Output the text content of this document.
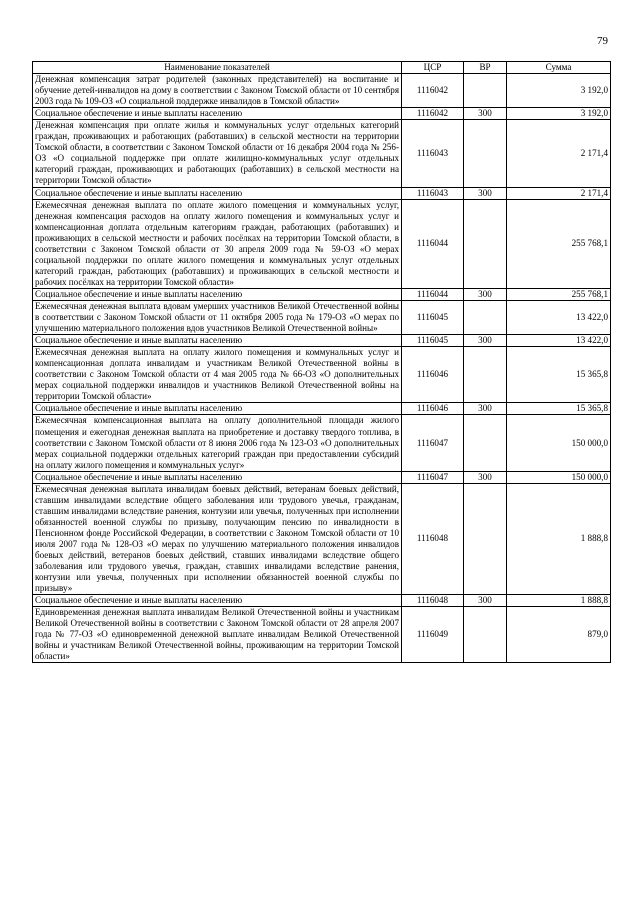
79
Наименование показателей	ЦСР	ВР	Сумма
Денежная компенсация затрат родителей (законных представителей) на воспитание и обучение детей-инвалидов на дому в соответствии с Законом Томской области от 10 сентября 2003 года № 109-ОЗ «О социальной поддержке инвалидов в Томской области»	1116042		3 192,0
Социальное обеспечение и иные выплаты населению	1116042	300	3 192,0
Денежная компенсация при оплате жилья и коммунальных услуг отдельных категорий граждан, проживающих и работающих (работавших) в сельской местности на территории Томской области, в соответствии с Законом Томской области от 16 декабря 2004 года № 256-ОЗ «О социальной поддержке при оплате жилищно-коммунальных услуг отдельных категорий граждан, проживающих и работающих (работавших) в сельской местности на территории Томской области»	1116043		2 171,4
Социальное обеспечение и иные выплаты населению	1116043	300	2 171,4
Ежемесячная денежная выплата по оплате жилого помещения и коммунальных услуг, денежная компенсация расходов на оплату жилого помещения и коммунальных услуг и компенсационная доплата отдельным категориям граждан, работающих (работавших) и проживающих в сельской местности и рабочих посёлках на территории Томской области, в соответствии с Законом Томской области от 30 апреля 2009 года № 59-ОЗ «О мерах социальной поддержки по оплате жилого помещения и коммунальных услуг отдельных категорий граждан, работающих (работавших) и проживающих в сельской местности и рабочих посёлках на территории Томской области»	1116044		255 768,1
Социальное обеспечение и иные выплаты населению	1116044	300	255 768,1
Ежемесячная денежная выплата вдовам умерших участников Великой Отечественной войны в соответствии с Законом Томской области от 11 октября 2005 года № 179-ОЗ «О мерах по улучшению материального положения вдов участников Великой Отечественной войны»	1116045		13 422,0
Социальное обеспечение и иные выплаты населению	1116045	300	13 422,0
Ежемесячная денежная выплата на оплату жилого помещения и коммунальных услуг и компенсационная доплата инвалидам и участникам Великой Отечественной войны в соответствии с Законом Томской области от 4 мая 2005 года № 66-ОЗ «О дополнительных мерах социальной поддержки инвалидов и участников Великой Отечественной войны на территории Томской области»	1116046		15 365,8
Социальное обеспечение и иные выплаты населению	1116046	300	15 365,8
Ежемесячная компенсационная выплата на оплату дополнительной площади жилого помещения и ежегодная денежная выплата на приобретение и доставку твердого топлива, в соответствии с Законом Томской области от 8 июня 2006 года № 123-ОЗ «О дополнительных мерах социальной поддержки отдельных категорий граждан при предоставлении субсидий на оплату жилого помещения и коммунальных услуг»	1116047		150 000,0
Социальное обеспечение и иные выплаты населению	1116047	300	150 000,0
Ежемесячная денежная выплата инвалидам боевых действий, ветеранам боевых действий, ставшим инвалидами вследствие общего заболевания или трудового увечья, гражданам, ставшим инвалидами вследствие ранения, контузии или увечья, полученных при исполнении обязанностей военной службы по призыву, получающим пенсию по инвалидности в Пенсионном фонде Российской Федерации, в соответствии с Законом Томской области от 10 июля 2007 года № 128-ОЗ «О мерах по улучшению материального положения инвалидов боевых действий, ветеранов боевых действий, ставших инвалидами вследствие общего заболевания или трудового увечья, граждан, ставших инвалидами вследствие ранения, контузии или увечья, полученных при исполнении обязанностей военной службы по призыву»	1116048		1 888,8
Социальное обеспечение и иные выплаты населению	1116048	300	1 888,8
Единовременная денежная выплата инвалидам Великой Отечественной войны и участникам Великой Отечественной войны в соответствии с Законом Томской области от 28 апреля 2007 года № 77-ОЗ «О единовременной денежной выплате инвалидам Великой Отечественной войны и участникам Великой Отечественной войны, проживающим на территории Томской области»	1116049		879,0
